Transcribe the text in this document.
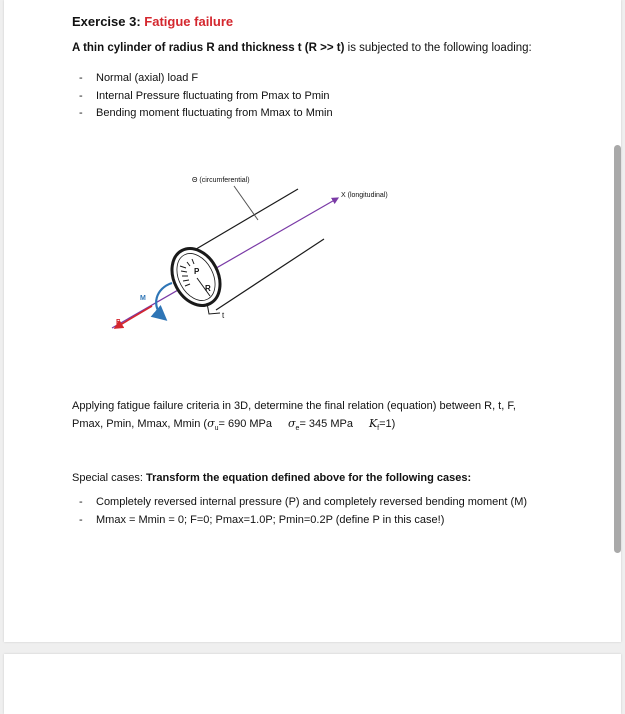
Exercise 3: Fatigue failure
A thin cylinder of radius R and thickness t (R >> t) is subjected to the following loading:
- Normal (axial) load F
- Internal Pressure fluctuating from Pmax to Pmin
- Bending moment fluctuating from Mmax to Mmin
Θ (circumferential)
X (longitudinal)
P
R
M
F
t
Applying fatigue failure criteria in 3D, determine the final relation (equation) between R, t, F,
Pmax, Pmin, Mmax, Mmin ($\sigma_u= 690$ MPa $\sigma_e= 345$ MPa $K_f=1$)
Special cases: Transform the equation defined above for the following cases:
- Completely reversed internal pressure (P) and completely reversed bending moment (M)
- Mmax = Mmin = 0; F=0; Pmax=1.0P; Pmin=0.2P (define P in this case!)
